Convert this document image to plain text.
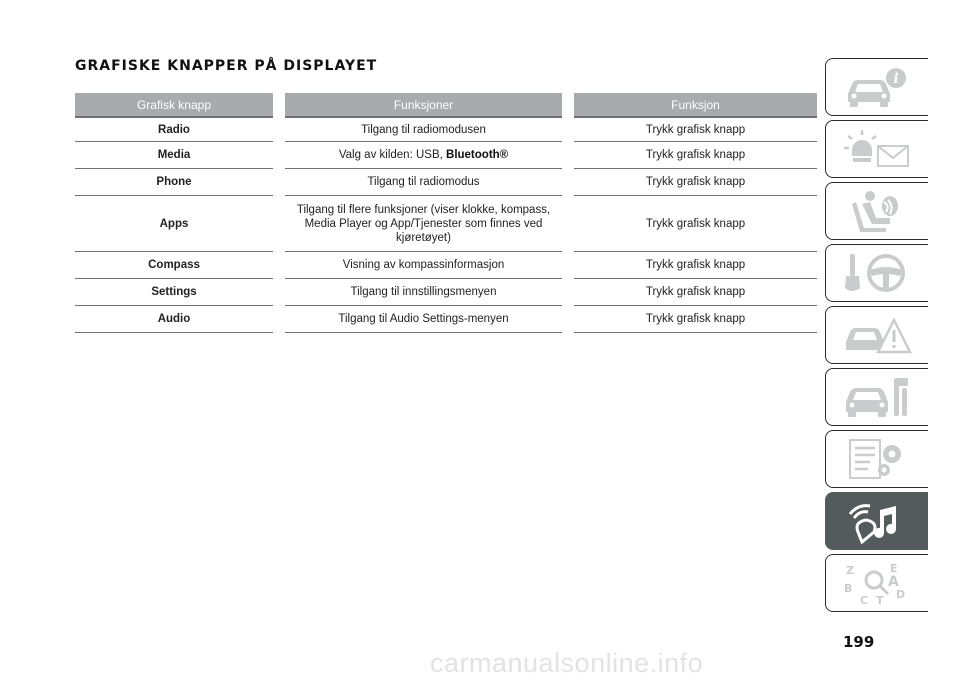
GRAFISKE KNAPPER PÅ DISPLAYET
Grafisk knapp		Funksjoner		Funksjon
Radio		Tilgang til radiomodusen		Trykk grafisk knapp
Media		Valg av kilden: USB, Bluetooth®		Trykk grafisk knapp
Phone		Tilgang til radiomodus		Trykk grafisk knapp
Apps		Tilgang til flere funksjoner (viser klokke, kompass,
Media Player og App/Tjenester som finnes ved
kjøretøyet)		Trykk grafisk knapp
Compass		Visning av kompassinformasjon		Trykk grafisk knapp
Settings		Tilgang til innstillingsmenyen		Trykk grafisk knapp
Audio		Tilgang til Audio Settings-menyen		Trykk grafisk knapp
i
Z	E
B
C T D
A
199
carmanualsonline.info
